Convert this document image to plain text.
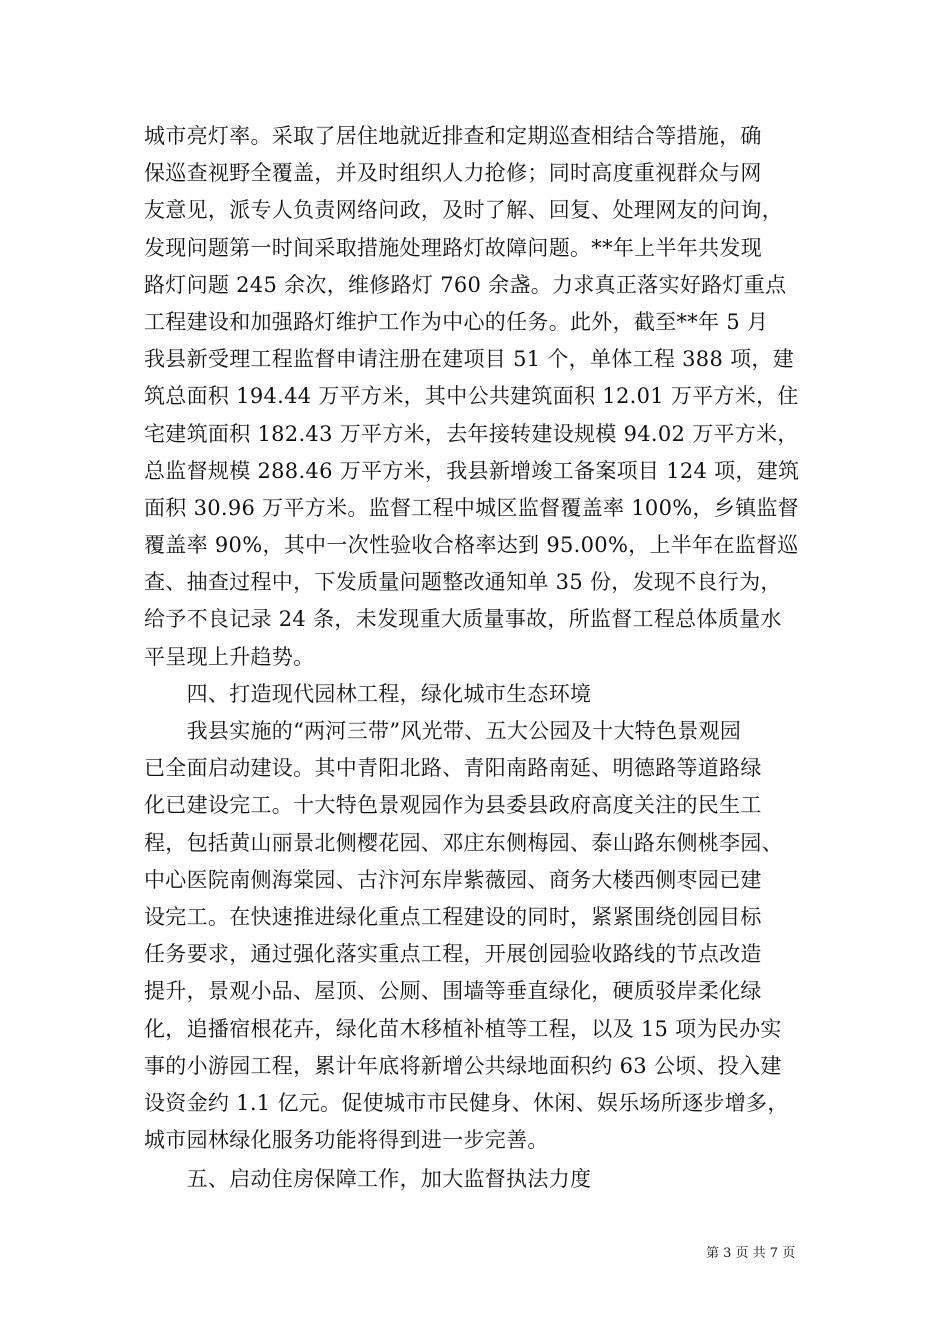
城市亮灯率。采取了居住地就近排查和定期巡查相结合等措施，确
保巡查视野全覆盖，并及时组织人力抢修；同时高度重视群众与网
友意见，派专人负责网络问政，及时了解、回复、处理网友的问询，
发现问题第一时间采取措施处理路灯故障问题。**年上半年共发现
路灯问题 245 余次，维修路灯 760 余盏。力求真正落实好路灯重点
工程建设和加强路灯维护工作为中心的任务。此外，截至**年 5 月
我县新受理工程监督申请注册在建项目 51 个，单体工程 388 项，建
筑总面积 194.44 万平方米，其中公共建筑面积 12.01 万平方米，住
宅建筑面积 182.43 万平方米，去年接转建设规模 94.02 万平方米，
总监督规模 288.46 万平方米，我县新增竣工备案项目 124 项，建筑
面积 30.96 万平方米。监督工程中城区监督覆盖率 100%，乡镇监督
覆盖率 90%，其中一次性验收合格率达到 95.00%，上半年在监督巡
查、抽查过程中，下发质量问题整改通知单 35 份，发现不良行为，
给予不良记录 24 条，未发现重大质量事故，所监督工程总体质量水
平呈现上升趋势。
　　四、打造现代园林工程，绿化城市生态环境
　　我县实施的“两河三带”风光带、五大公园及十大特色景观园
已全面启动建设。其中青阳北路、青阳南路南延、明德路等道路绿
化已建设完工。十大特色景观园作为县委县政府高度关注的民生工
程，包括黄山丽景北侧樱花园、邓庄东侧梅园、泰山路东侧桃李园、
中心医院南侧海棠园、古汴河东岸紫薇园、商务大楼西侧枣园已建
设完工。在快速推进绿化重点工程建设的同时，紧紧围绕创园目标
任务要求，通过强化落实重点工程，开展创园验收路线的节点改造
提升，景观小品、屋顶、公厕、围墙等垂直绿化，硬质驳岸柔化绿
化，追播宿根花卉，绿化苗木移植补植等工程，以及 15 项为民办实
事的小游园工程，累计年底将新增公共绿地面积约 63 公顷、投入建
设资金约 1.1 亿元。促使城市市民健身、休闲、娱乐场所逐步增多，
城市园林绿化服务功能将得到进一步完善。
　　五、启动住房保障工作，加大监督执法力度
第 3 页 共 7 页
